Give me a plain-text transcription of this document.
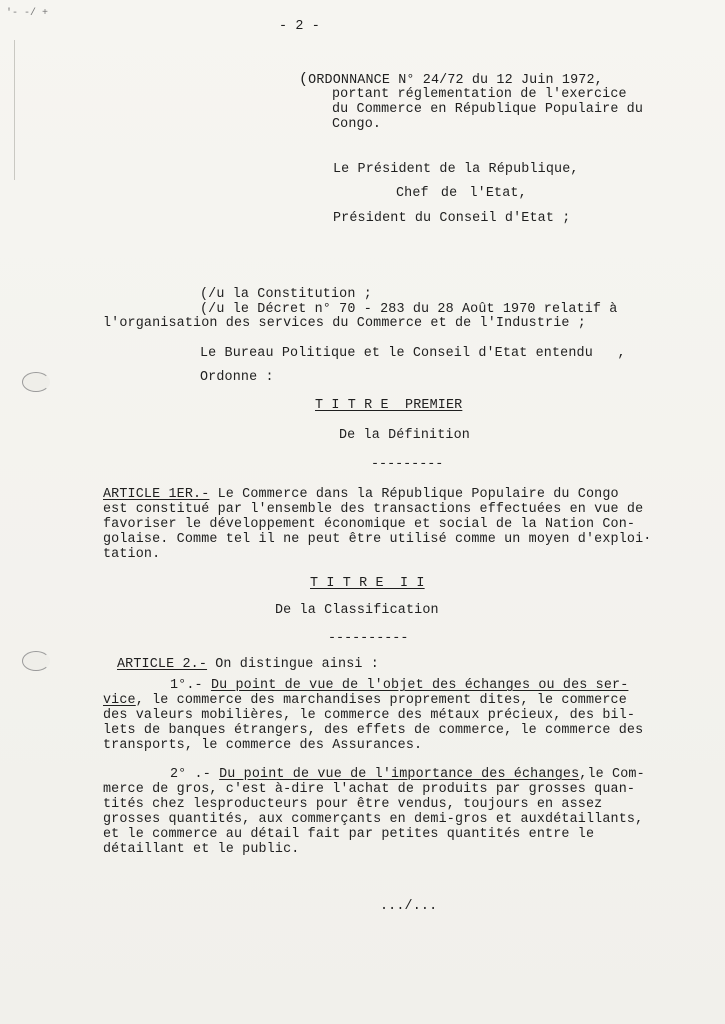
'- -/ +
- 2 -
(ORDONNANCE N° 24/72 du 12 Juin 1972,
portant réglementation de l'exercice
du Commerce en République Populaire du
Congo.
Le Président de la République,
Chef de l'Etat,
Président du Conseil d'Etat ;
(/u la Constitution ;
(/u le Décret n° 70 - 283 du 28 Août 1970 relatif à
l'organisation des services du Commerce et de l'Industrie ;
Le Bureau Politique et le Conseil d'Etat entendu   ,
Ordonne :
T I T R E  PREMIER
De la Définition
---------
ARTICLE 1ER.- Le Commerce dans la République Populaire du Congo
est constitué par l'ensemble des transactions effectuées en vue de
favoriser le développement économique et social de la Nation Con-
golaise. Comme tel il ne peut être utilisé comme un moyen d'exploi·
tation.
T I T R E  I I
De la Classification
----------
ARTICLE 2.- On distingue ainsi :
1°.- Du point de vue de l'objet des échanges ou des ser-
vice, le commerce des marchandises proprement dites, le commerce
des valeurs mobilières, le commerce des métaux précieux, des bil-
lets de banques étrangers, des effets de commerce, le commerce des
transports, le commerce des Assurances.
2° .- Du point de vue de l'importance des échanges,le Com-
merce de gros, c'est à-dire l'achat de produits par grosses quan-
tités chez lesproducteurs pour être vendus, toujours en assez
grosses quantités, aux commerçants en demi-gros et auxdétaillants,
et le commerce au détail fait par petites quantités entre le
détaillant et le public.
.../...
